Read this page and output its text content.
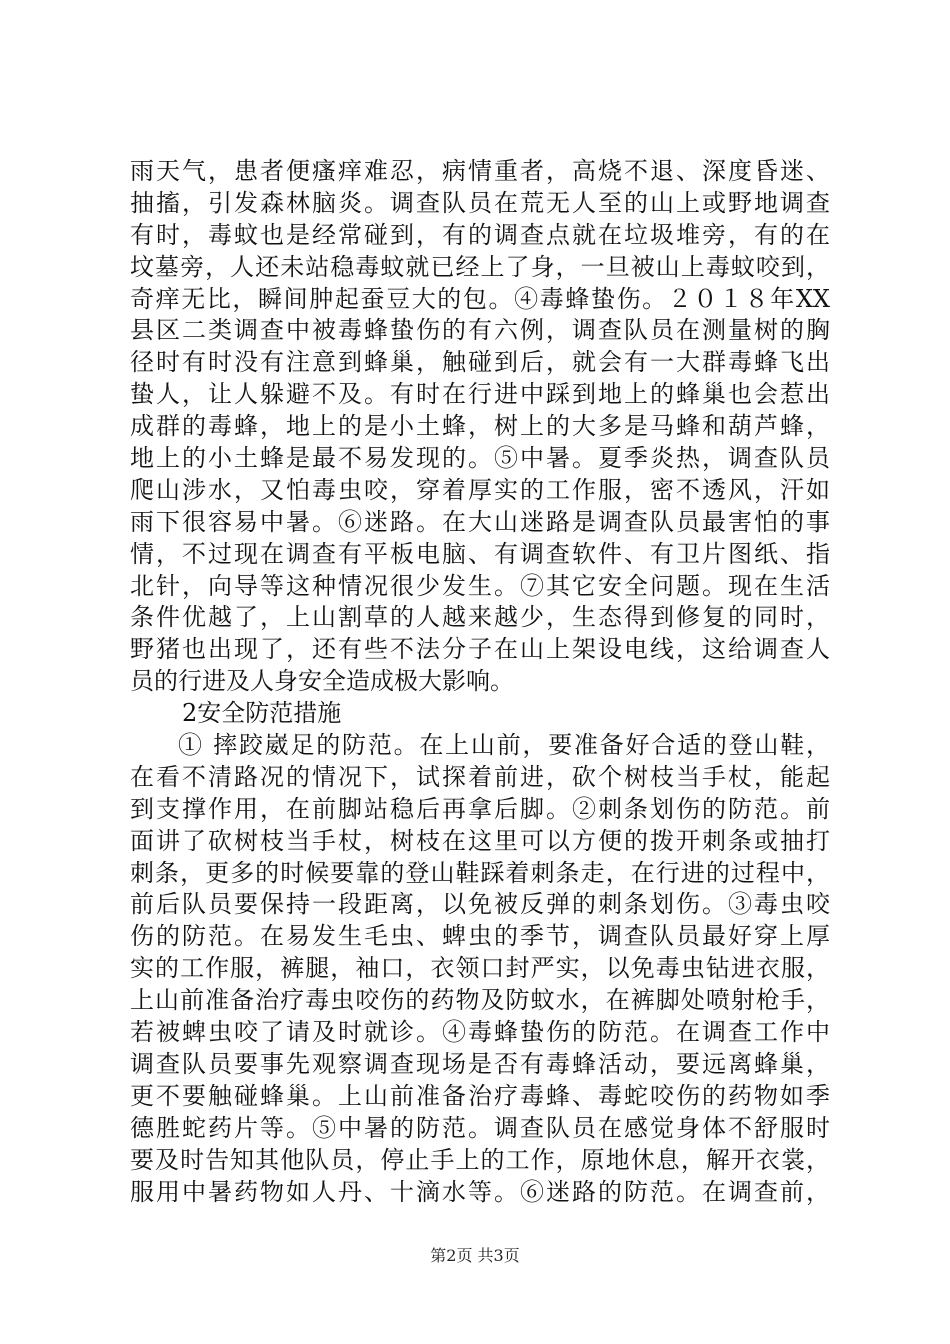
雨天气，患者便瘙痒难忍，病情重者，高烧不退、深度昏迷、
抽搐，引发森林脑炎。调查队员在荒无人至的山上或野地调查
有时，毒蚊也是经常碰到，有的调查点就在垃圾堆旁，有的在
坟墓旁，人还未站稳毒蚊就已经上了身，一旦被山上毒蚊咬到，
奇痒无比，瞬间肿起蚕豆大的包。④毒蜂蛰伤。２０１８年XX
县区二类调查中被毒蜂蛰伤的有六例，调查队员在测量树的胸
径时有时没有注意到蜂巢，触碰到后，就会有一大群毒蜂飞出
蛰人，让人躲避不及。有时在行进中踩到地上的蜂巢也会惹出
成群的毒蜂，地上的是小土蜂，树上的大多是马蜂和葫芦蜂，
地上的小土蜂是最不易发现的。⑤中暑。夏季炎热，调查队员
爬山涉水，又怕毒虫咬，穿着厚实的工作服，密不透风，汗如
雨下很容易中暑。⑥迷路。在大山迷路是调查队员最害怕的事
情，不过现在调查有平板电脑、有调查软件、有卫片图纸、指
北针，向导等这种情况很少发生。⑦其它安全问题。现在生活
条件优越了，上山割草的人越来越少，生态得到修复的同时，
野猪也出现了，还有些不法分子在山上架设电线，这给调查人
员的行进及人身安全造成极大影响。
2安全防范措施
① 摔跤崴足的防范。在上山前，要准备好合适的登山鞋，
在看不清路况的情况下，试探着前进，砍个树枝当手杖，能起
到支撑作用，在前脚站稳后再拿后脚。②刺条划伤的防范。前
面讲了砍树枝当手杖，树枝在这里可以方便的拨开刺条或抽打
刺条，更多的时候要靠的登山鞋踩着刺条走，在行进的过程中，
前后队员要保持一段距离，以免被反弹的刺条划伤。③毒虫咬
伤的防范。在易发生毛虫、蜱虫的季节，调查队员最好穿上厚
实的工作服，裤腿，袖口，衣领口封严实，以免毒虫钻进衣服，
上山前准备治疗毒虫咬伤的药物及防蚊水，在裤脚处喷射枪手，
若被蜱虫咬了请及时就诊。④毒蜂蛰伤的防范。在调查工作中
调查队员要事先观察调查现场是否有毒蜂活动，要远离蜂巢，
更不要触碰蜂巢。上山前准备治疗毒蜂、毒蛇咬伤的药物如季
德胜蛇药片等。⑤中暑的防范。调查队员在感觉身体不舒服时
要及时告知其他队员，停止手上的工作，原地休息，解开衣裳，
服用中暑药物如人丹、十滴水等。⑥迷路的防范。在调查前，
第2页 共3页
